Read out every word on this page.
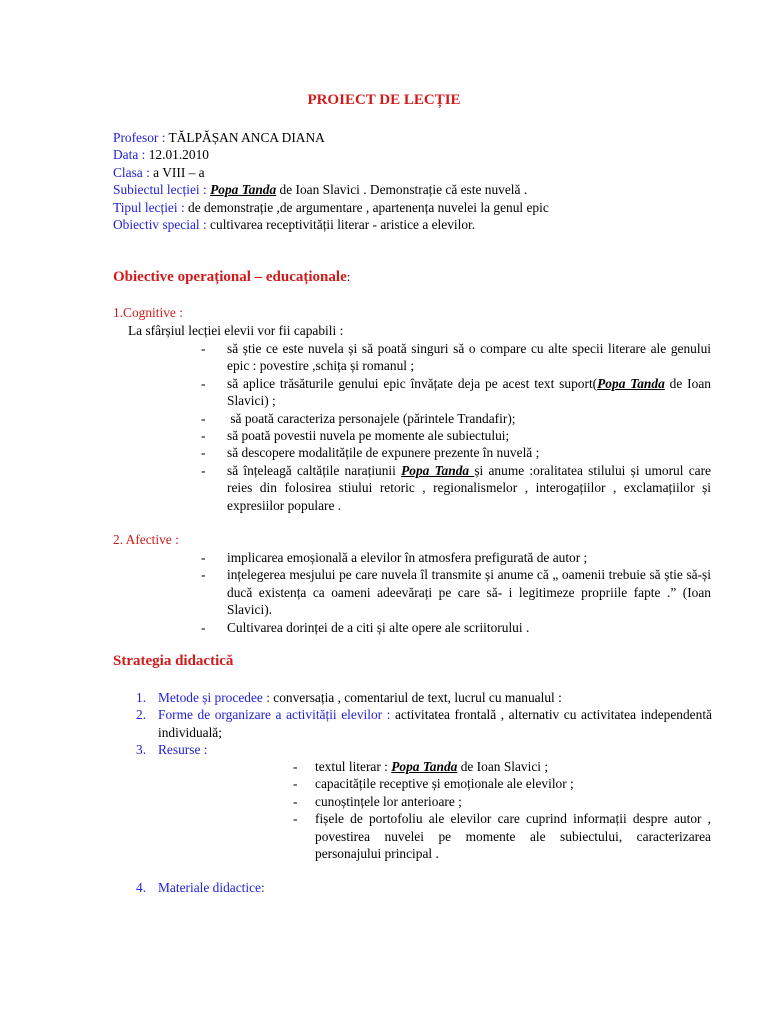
PROIECT DE LECȚIE
Profesor : TĂLPĂȘAN ANCA DIANA
Data : 12.01.2010
Clasa : a VIII – a
Subiectul lecției : Popa Tanda de Ioan Slavici . Demonstrație că este nuvelă .
Tipul lecției : de demonstrație ,de argumentare , apartenența nuvelei la genul epic
Obiectiv special : cultivarea receptivității literar - aristice a elevilor.
Obiective operațional – educaționale:
1.Cognitive :
La sfârșiul lecției elevii vor fii capabili :
-	să știe ce este nuvela și să poată singuri să o compare cu alte specii literare ale genului epic : povestire ,schița și romanul ;
-	să aplice trăsăturile genului epic învățate deja pe acest text suport(Popa Tanda de Ioan Slavici) ;
-	să poată caracteriza personajele (părintele Trandafir);
-	să poată povestii nuvela pe momente ale subiectului;
-	să descopere modalitățile de expunere prezente în nuvelă ;
-	să înțeleagă caltățile narațiunii Popa Tanda și anume :oralitatea stilului și umorul care reies din folosirea stiului retoric , regionalismelor , interogațiilor , exclamațiilor și expresiilor populare .
2. Afective :
-	implicarea emoșională a elevilor în atmosfera prefigurată de autor ;
-	ințelegerea mesjului pe care nuvela îl transmite și anume că „ oamenii trebuie să știe să-și ducă existența ca oameni adeevărați pe care să- i legitimeze propriile fapte .” (Ioan Slavici).
-	Cultivarea dorinței de a citi și alte opere ale scriitorului .
Strategia didactică
1. Metode și procedee : conversația , comentariul de text, lucrul cu manualul :
2. Forme de organizare a activității elevilor : activitatea frontală , alternativ cu activitatea independentă individuală;
3. Resurse :
-	textul literar : Popa Tanda de Ioan Slavici ;
-	capacitățile receptive și emoționale ale elevilor ;
-	cunoștințele lor anterioare ;
-	fișele de portofoliu ale elevilor care cuprind informații despre autor , povestirea nuvelei pe momente ale subiectului, caracterizarea personajului principal .
4. Materiale didactice:
